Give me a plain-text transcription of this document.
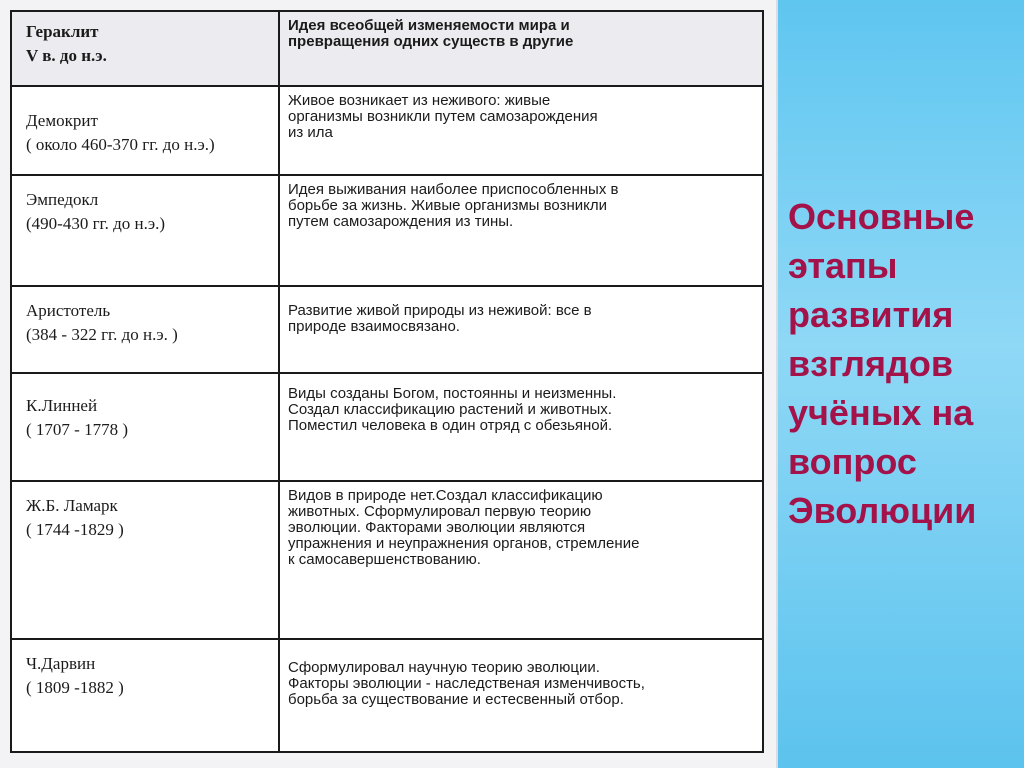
Гераклит
V в. до н.э.	Идея всеобщей изменяемости мира и
превращения одних существ в другие

Демокрит
( около 460-370 гг. до н.э.)	Живое возникает из неживого: живые
организмы возникли путем самозарождения
из ила

Эмпедокл
(490-430 гг. до н.э.)	Идея выживания наиболее приспособленных в
борьбе за жизнь. Живые организмы возникли
путем самозарождения из тины.

Аристотель
(384 - 322 гг. до н.э. )	Развитие живой природы из неживой: все в
природе взаимосвязано.

К.Линней
( 1707 - 1778 )	Виды созданы Богом, постоянны и неизменны.
Создал классификацию растений и животных.
Поместил человека в один отряд с обезьяной.

Ж.Б. Ламарк
( 1744 -1829 )	Видов в природе нет.Создал классификацию
животных. Сформулировал первую теорию
эволюции. Факторами эволюции являются
упражнения и неупражнения органов, стремление
к самосавершенствованию.

Ч.Дарвин
( 1809 -1882 )	Сформулировал научную теорию эволюции.
Факторы эволюции - наследственая изменчивость,
борьба за существование и естесвенный отбор.
Основные
этапы
развития
взглядов
учёных на
вопрос
Эволюции
